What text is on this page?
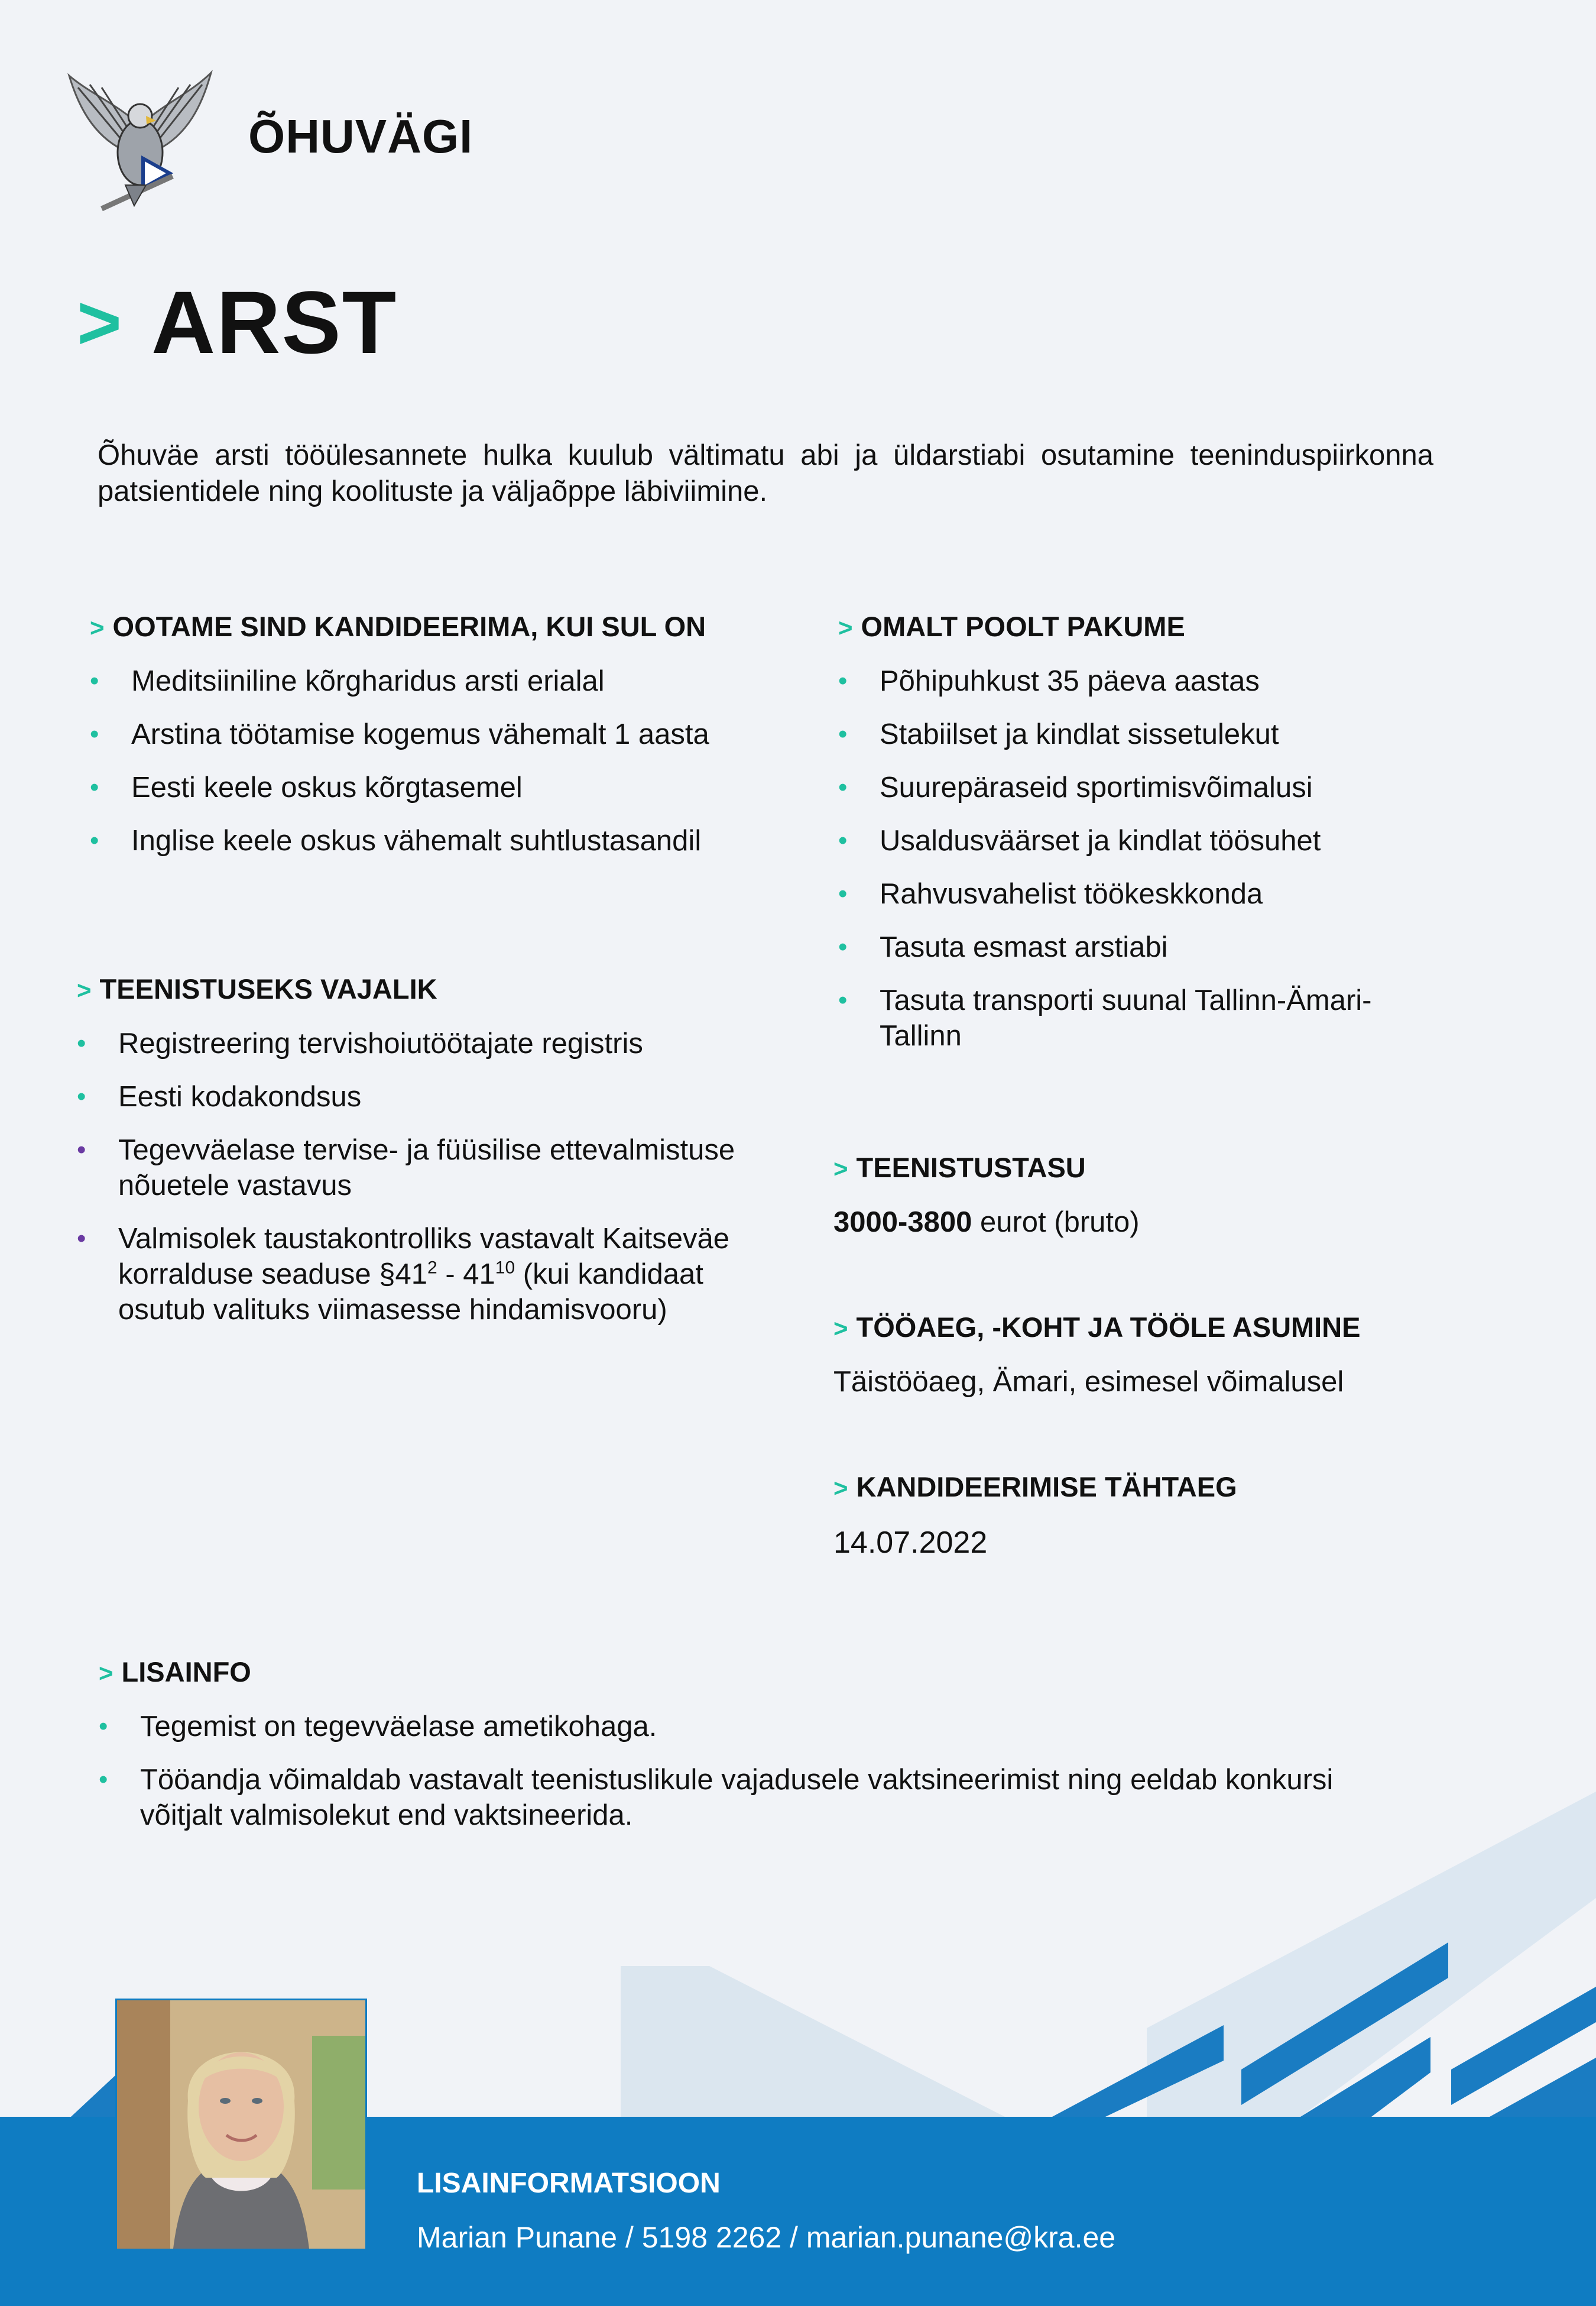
ÕHUVÄGI
> ARST
Õhuväe arsti tööülesannete hulka kuulub vältimatu abi ja üldarstiabi osutamine teeninduspiirkonna patsientidele ning koolituste ja väljaõppe läbiviimine.
> OOTAME SIND KANDIDEERIMA, KUI SUL ON
• Meditsiiniline kõrgharidus arsti erialal
• Arstina töötamise kogemus vähemalt 1 aasta
• Eesti keele oskus kõrgtasemel
• Inglise keele oskus vähemalt suhtlustasandil
> TEENISTUSEKS VAJALIK
• Registreering tervishoiutöötajate registris
• Eesti kodakondsus
• Tegevväelase tervise- ja füüsilise ettevalmistuse nõuetele vastavus
• Valmisolek taustakontrolliks vastavalt Kaitseväe korralduse seaduse $\S 41^2 - 41^{10}$ (kui kandidaat osutub valituks viimasesse hindamisvooru)
> OMALT POOLT PAKUME
• Põhipuhkust 35 päeva aastas
• Stabiilset ja kindlat sissetulekut
• Suurepäraseid sportimisvõimalusi
• Usaldusväärset ja kindlat töösuhet
• Rahvusvahelist töökeskkonda
• Tasuta esmast arstiabi
• Tasuta transporti suunal Tallinn-Ämari-Tallinn
> TEENISTUSTASU
3000-3800 eurot (bruto)
> TÖÖAEG, -KOHT JA TÖÖLE ASUMINE
Täistööaeg, Ämari, esimesel võimalusel
> KANDIDEERIMISE TÄHTAEG
14.07.2022
> LISAINFO
• Tegemist on tegevväelase ametikohaga.
• Tööandja võimaldab vastavalt teenistuslikule vajadusele vaktsineerimist ning eeldab konkursi võitjalt valmisolekut end vaktsineerida.
LISAINFORMATSIOON
Marian Punane / 5198 2262 / marian.punane@kra.ee
